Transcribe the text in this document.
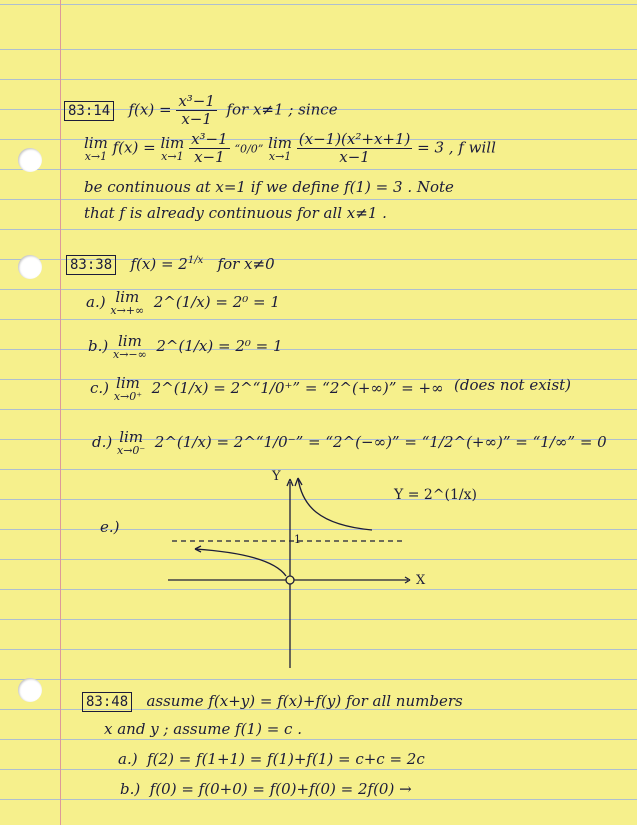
83:14 $f(x) = \frac{\text{x³−1}}{x-1}$ for x≠1 ; since
lim
x→1 f(x) = lim
x→1
$\frac{\text{x³−1}}{x-1}$ “0/0” lim
x→1
$\frac{\text{(x−1)(x²+x+1)}}{x-1} = 3$ , f will
be continuous at x=1 if we define f(1) = 3 . Note
that f is already continuous for all x≠1 .
83:38 $f(x) = 2^{1/x}$ for x≠0
a.) lim
x→+∞ 2^(1/x) = 2⁰ = 1
b.) lim
x→−∞ 2^(1/x) = 2⁰ = 1
c.) lim
x→0⁺ 2^(1/x) = 2^“1/0⁺” = “2^(+∞)” = +∞ (does not exist)
d.) lim
x→0⁻ 2^(1/x) = 2^“1/0⁻” = “2^(−∞)” = “1/2^(+∞)” = “1/∞” = 0
e.)
Y
X
1
Y = 2^(1/x)
83:48 assume f(x+y) = f(x)+f(y) for all numbers
x and y ; assume f(1) = c .
a.) f(2) = f(1+1) = f(1)+f(1) = c+c = 2c
b.) f(0) = f(0+0) = f(0)+f(0) = 2f(0) →
